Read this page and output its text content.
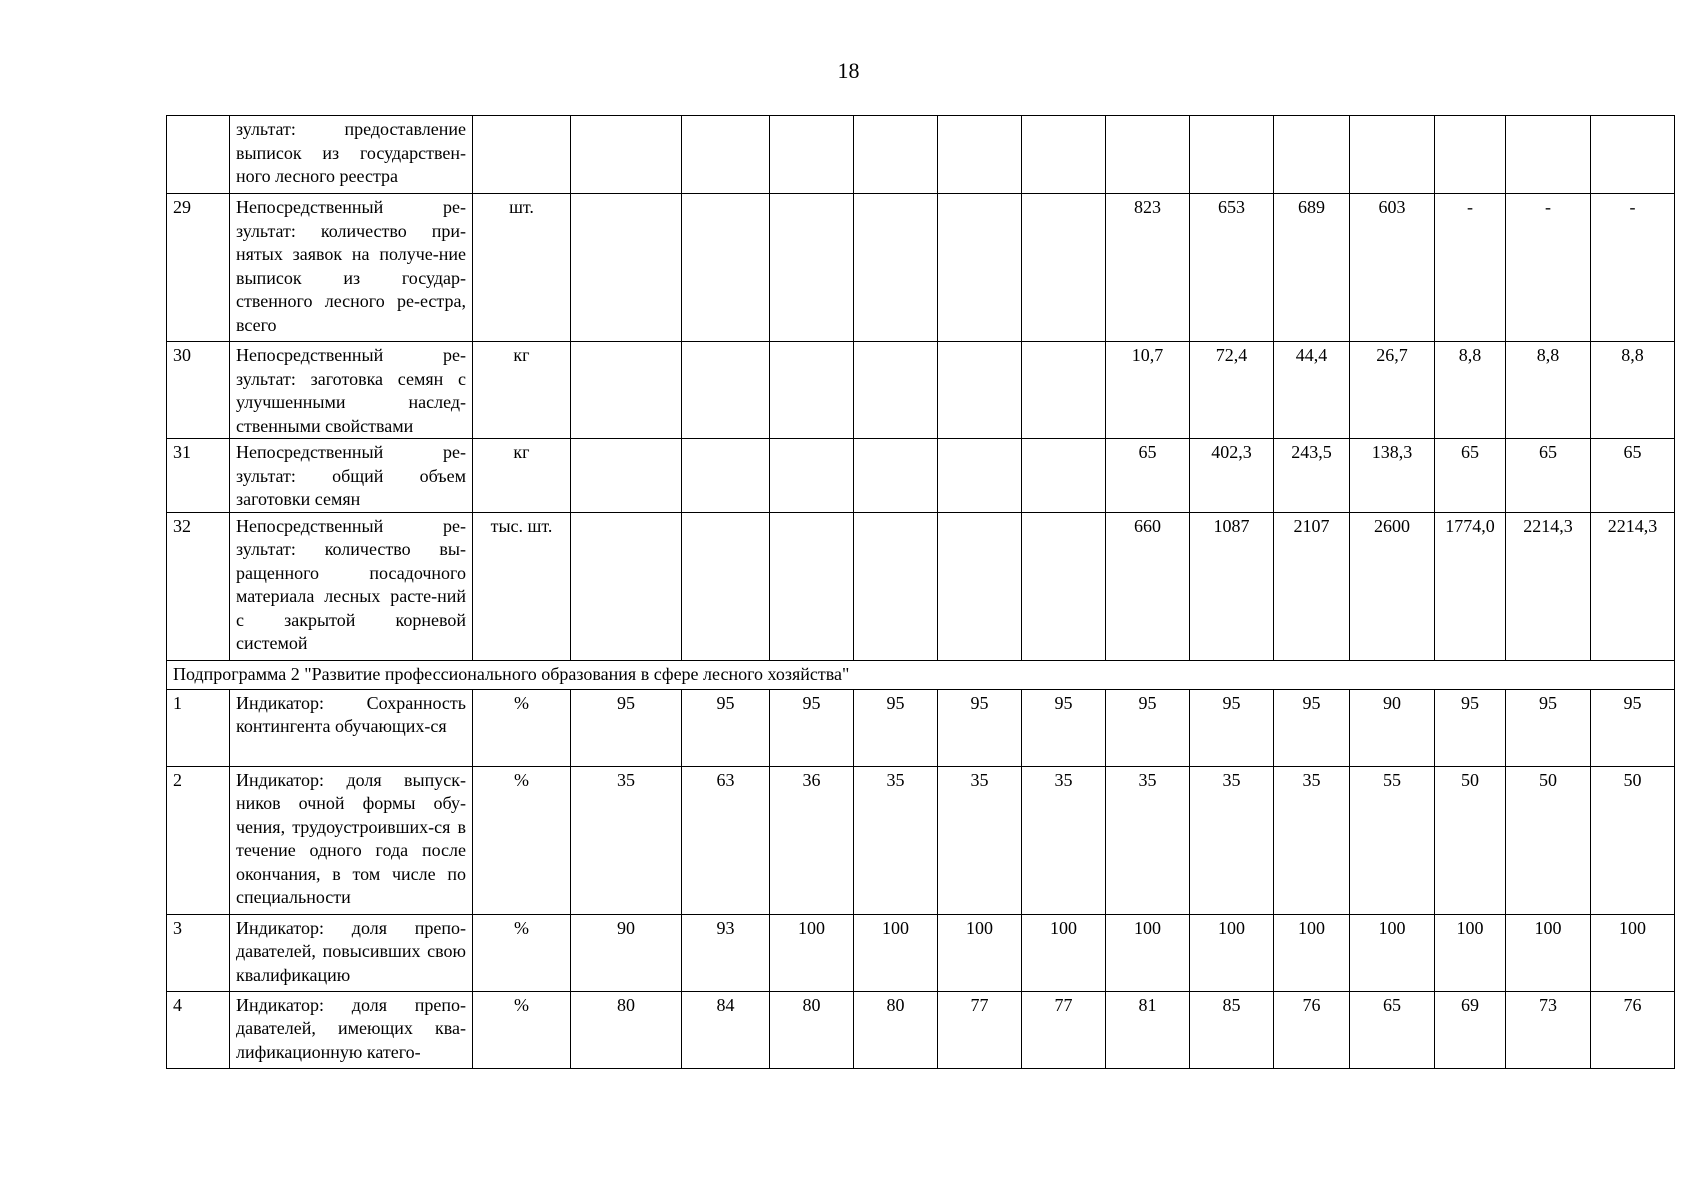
18
	зультат: предоставление выписок из государствен-ного лесного реестра														
29	Непосредственный ре-зультат: количество при-нятых заявок на получе-ние выписок из государ-ственного лесного ре-естра, всего	шт.							823	653	689	603	-	-	-
30	Непосредственный ре-зультат: заготовка семян с улучшенными наслед-ственными свойствами	кг							10,7	72,4	44,4	26,7	8,8	8,8	8,8
31	Непосредственный ре-зультат: общий объем заготовки семян	кг							65	402,3	243,5	138,3	65	65	65
32	Непосредственный ре-зультат: количество вы-ращенного посадочного материала лесных расте-ний с закрытой корневой системой	тыс. шт.							660	1087	2107	2600	1774,0	2214,3	2214,3
Подпрограмма 2 "Развитие профессионального образования в сфере лесного хозяйства"															
1	Индикатор: Сохранность контингента обучающих-ся	%	95	95	95	95	95	95	95	95	95	90	95	95	95
2	Индикатор: доля выпуск-ников очной формы обу-чения, трудоустроивших-ся в течение одного года после окончания, в том числе по специальности	%	35	63	36	35	35	35	35	35	35	55	50	50	50
3	Индикатор: доля препо-давателей, повысивших свою квалификацию	%	90	93	100	100	100	100	100	100	100	100	100	100	100
4	Индикатор: доля препо-давателей, имеющих ква-лификационную катего-	%	80	84	80	80	77	77	81	85	76	65	69	73	76
